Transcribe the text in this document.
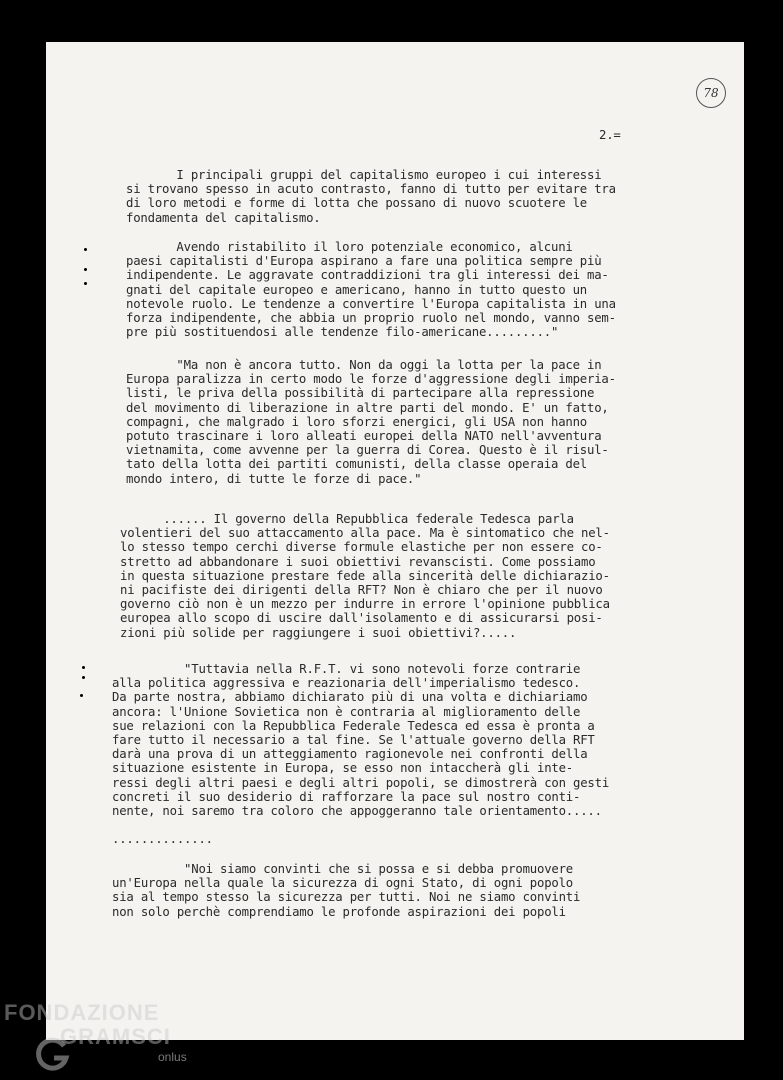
78
2.=
I principali gruppi del capitalismo europeo i cui interessi
si trovano spesso in acuto contrasto, fanno di tutto per evitare tra
di loro metodi e forme di lotta che possano di nuovo scuotere le
fondamenta del capitalismo.
Avendo ristabilito il loro potenziale economico, alcuni
paesi capitalisti d'Europa aspirano a fare una politica sempre più
indipendente. Le aggravate contraddizioni tra gli interessi dei ma-
gnati del capitale europeo e americano, hanno in tutto questo un
notevole ruolo. Le tendenze a convertire l'Europa capitalista in una
forza indipendente, che abbia un proprio ruolo nel mondo, vanno sem-
pre più sostituendosi alle tendenze filo-americane........."
"Ma non è ancora tutto. Non da oggi la lotta per la pace in
Europa paralizza in certo modo le forze d'aggressione degli imperia-
listi, le priva della possibilità di partecipare alla repressione
del movimento di liberazione in altre parti del mondo. E' un fatto,
compagni, che malgrado i loro sforzi energici, gli USA non hanno
potuto trascinare i loro alleati europei della NATO nell'avventura
vietnamita, come avvenne per la guerra di Corea. Questo è il risul-
tato della lotta dei partiti comunisti, della classe operaia del
mondo intero, di tutte le forze di pace."
...... Il governo della Repubblica federale Tedesca parla
volentieri del suo attaccamento alla pace. Ma è sintomatico che nel-
lo stesso tempo cerchi diverse formule elastiche per non essere co-
stretto ad abbandonare i suoi obiettivi revanscisti. Come possiamo
in questa situazione prestare fede alla sincerità delle dichiarazio-
ni pacifiste dei dirigenti della RFT? Non è chiaro che per il nuovo
governo ciò non è un mezzo per indurre in errore l'opinione pubblica
europea allo scopo di uscire dall'isolamento e di assicurarsi posi-
zioni più solide per raggiungere i suoi obiettivi?.....
"Tuttavia nella R.F.T. vi sono notevoli forze contrarie
alla politica aggressiva e reazionaria dell'imperialismo tedesco.
Da parte nostra, abbiamo dichiarato più di una volta e dichiariamo
ancora: l'Unione Sovietica non è contraria al miglioramento delle
sue relazioni con la Repubblica Federale Tedesca ed essa è pronta a
fare tutto il necessario a tal fine. Se l'attuale governo della RFT
darà una prova di un atteggiamento ragionevole nei confronti della
situazione esistente in Europa, se esso non intaccherà gli inte-
ressi degli altri paesi e degli altri popoli, se dimostrerà con gesti
concreti il suo desiderio di rafforzare la pace sul nostro conti-
nente, noi saremo tra coloro che appoggeranno tale orientamento.....
..............
"Noi siamo convinti che si possa e si debba promuovere
un'Europa nella quale la sicurezza di ogni Stato, di ogni popolo
sia al tempo stesso la sicurezza per tutti. Noi ne siamo convinti
non solo perchè comprendiamo le profonde aspirazioni dei popoli
FONDAZIONE
GRAMSCI
onlus
